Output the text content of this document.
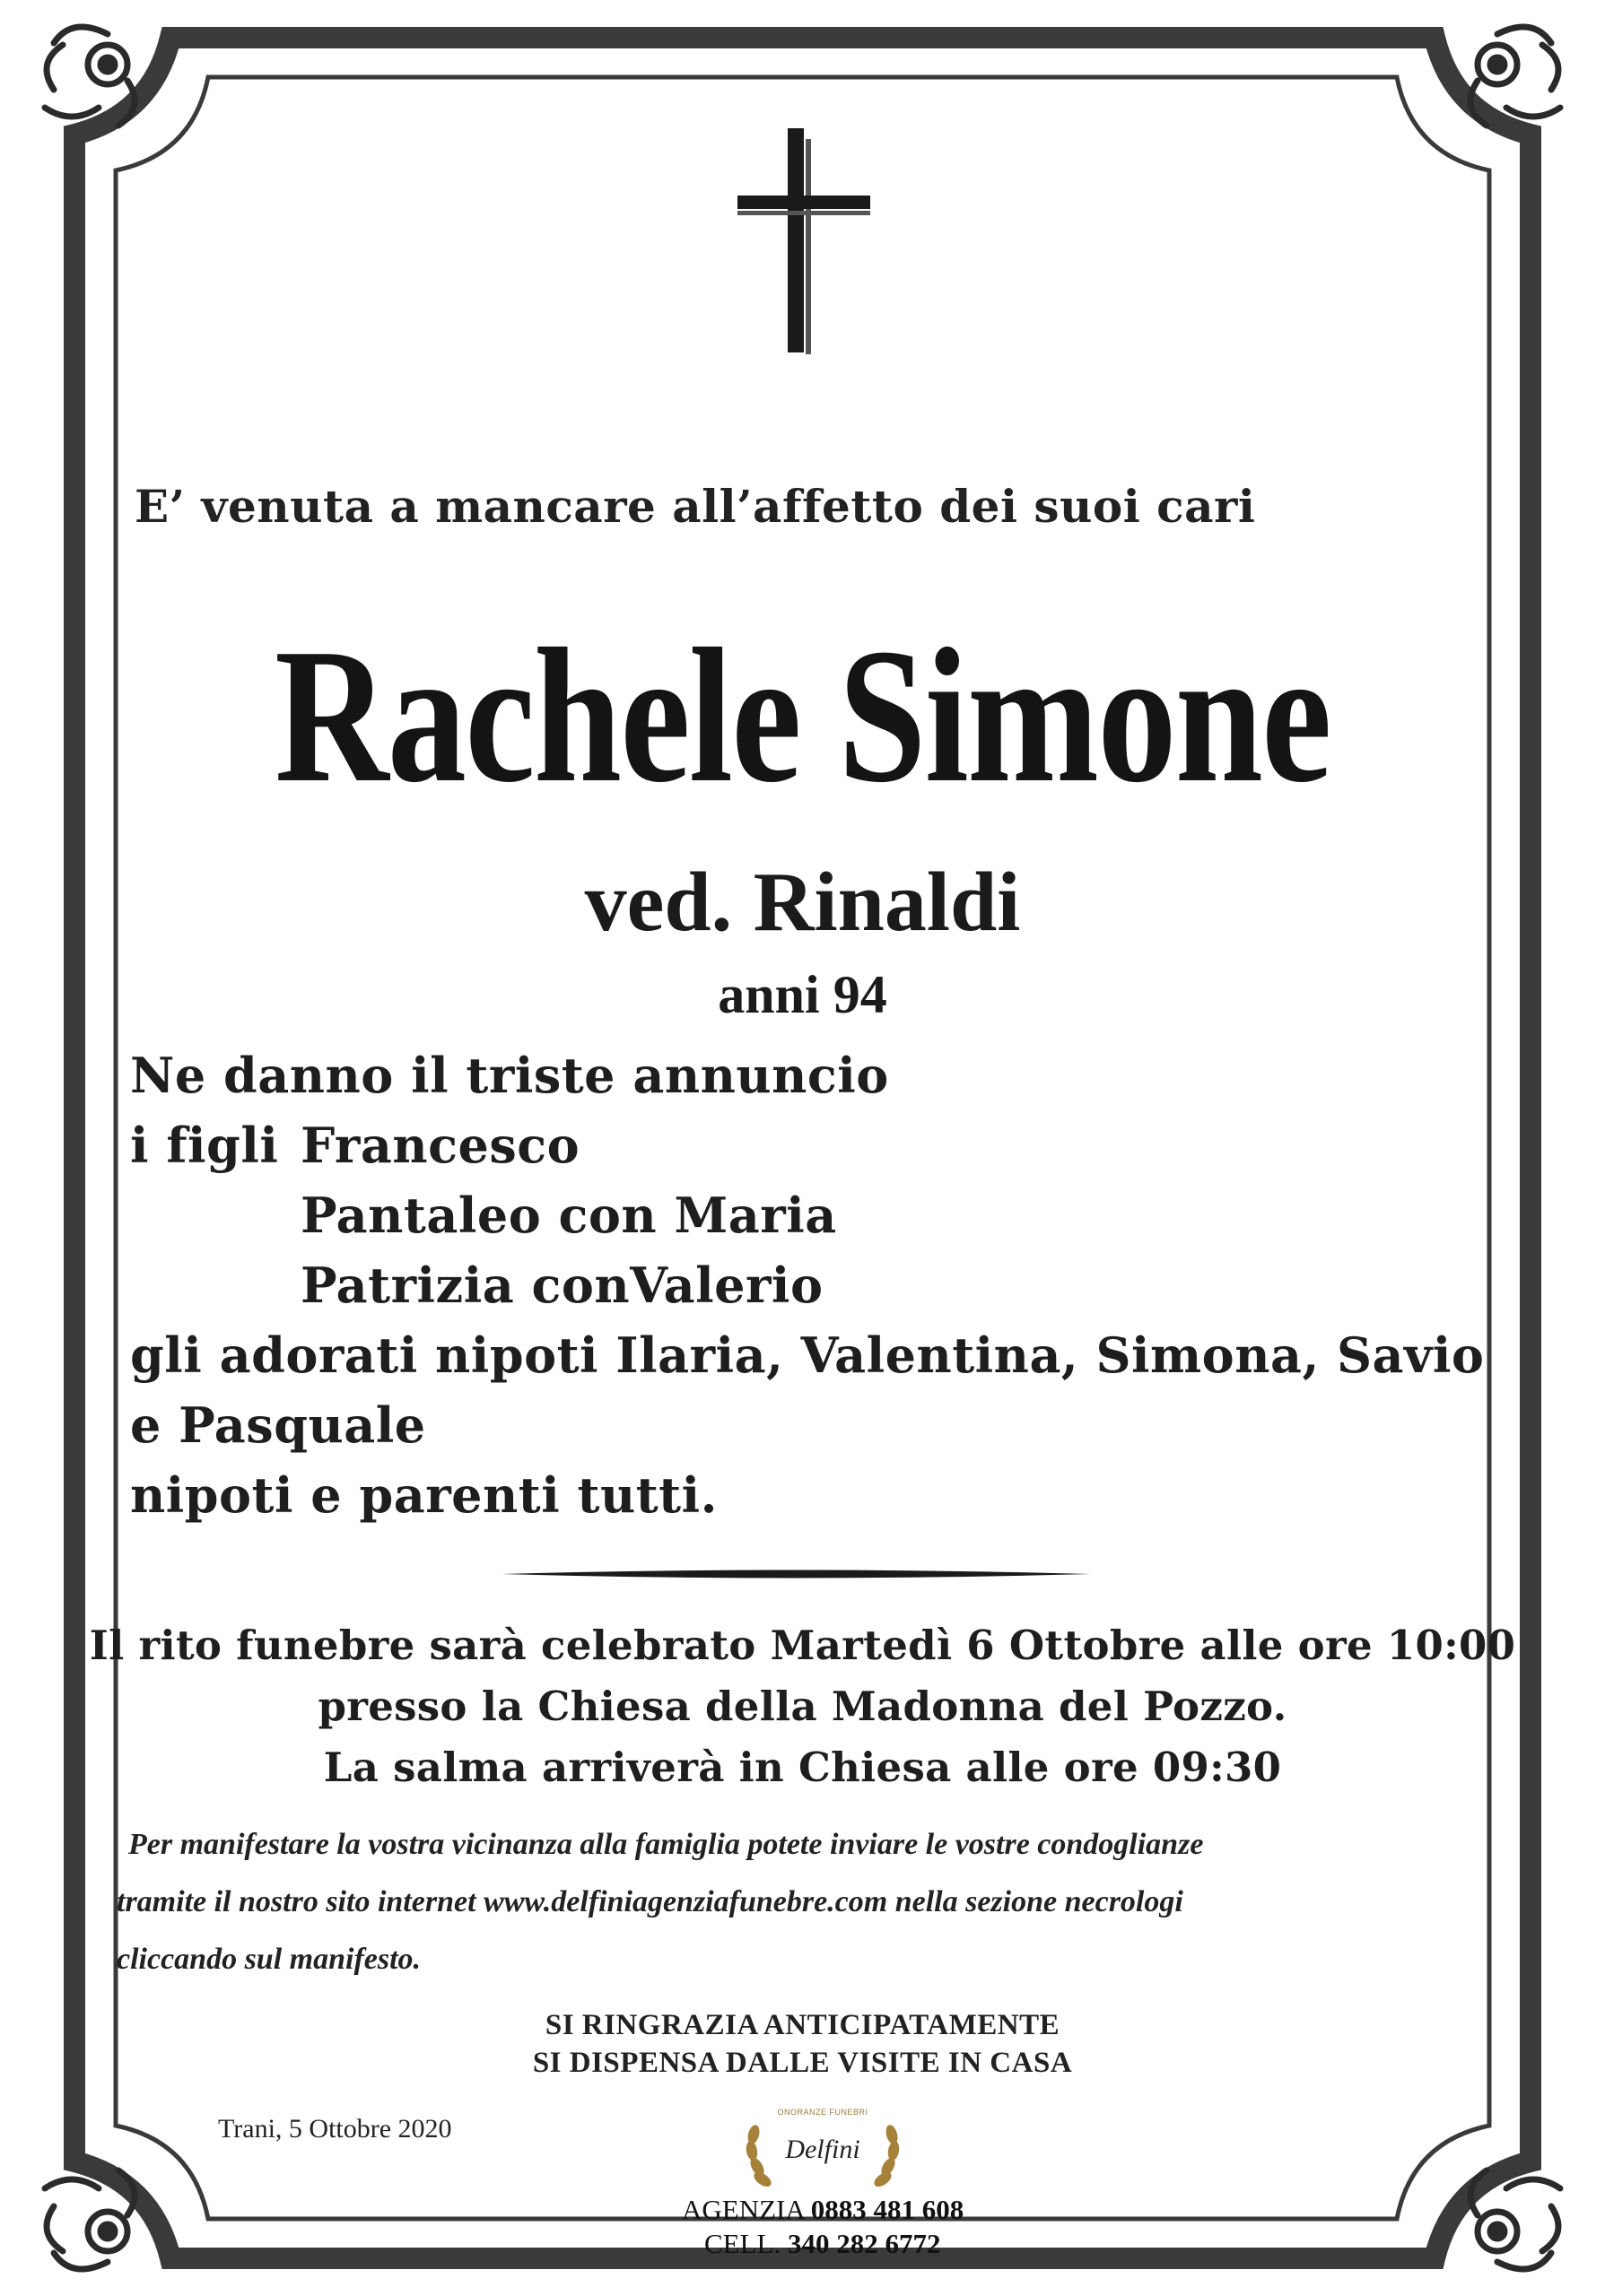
E’ venuta a mancare all’affetto dei suoi cari

Rachele Simone
ved. Rinaldi
anni 94
Ne danno il triste annuncio
i figli Francesco
Pantaleo con Maria
Patrizia conValerio
gli adorati nipoti Ilaria, Valentina, Simona, Savio
e Pasquale
nipoti e parenti tutti.
Il rito funebre sarà celebrato Martedì 6 Ottobre alle ore 10:00
presso la Chiesa della Madonna del Pozzo.
La salma arriverà in Chiesa alle ore 09:30
Per manifestare la vostra vicinanza alla famiglia potete inviare le vostre condoglianze
tramite il nostro sito internet www.delfiniagenziafunebre.com nella sezione necrologi
cliccando sul manifesto.
SI RINGRAZIA ANTICIPATAMENTE
SI DISPENSA DALLE VISITE IN CASA
Trani, 5 Ottobre 2020
ONORANZE FUNEBRI
Delfini
AGENZIA 0883 481 608
CELL. 340 282 6772
